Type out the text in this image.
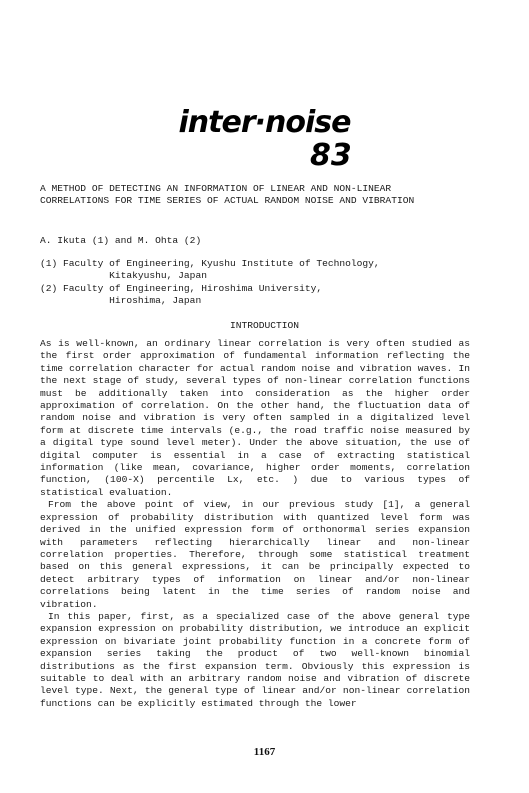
inter·noise
83
A METHOD OF DETECTING AN INFORMATION OF LINEAR AND NON-LINEAR
CORRELATIONS FOR TIME SERIES OF ACTUAL RANDOM NOISE AND VIBRATION
A. Ikuta (1) and M. Ohta (2)
(1) Faculty of Engineering, Kyushu Institute of Technology,
Kitakyushu, Japan
(2) Faculty of Engineering, Hiroshima University,
Hiroshima, Japan
INTRODUCTION

As is well-known, an ordinary linear correlation is very often studied as the first order approximation of fundamental information reflecting the time correlation character for actual random noise and vibration waves. In the next stage of study, several types of non-linear correlation functions must be additionally taken into consideration as the higher order approximation of correlation. On the other hand, the fluctuation data of random noise and vibration is very often sampled in a digitalized level form at discrete time intervals (e.g., the road traffic noise measured by a digital type sound level meter). Under the above situation, the use of digital computer is essential in a case of extracting statistical information (like mean, covariance, higher order moments, correlation function, (100-X) percentile Lx, etc. ) due to various types of statistical evaluation.

From the above point of view, in our previous study [1], a general expression of probability distribution with quantized level form was derived in the unified expression form of orthonormal series expansion with parameters reflecting hierarchically linear and non-linear correlation properties. Therefore, through some statistical treatment based on this general expressions, it can be principally expected to detect arbitrary types of information on linear and/or non-linear correlations being latent in the time series of random noise and vibration.

In this paper, first, as a specialized case of the above general type expansion expression on probability distribution, we introduce an explicit expression on bivariate joint probability function in a concrete form of expansion series taking the product of two well-known binomial distributions as the first expansion term. Obviously this expression is suitable to deal with an arbitrary random noise and vibration of discrete level type. Next, the general type of linear and/or non-linear correlation functions can be explicitly estimated through the lower

1167
